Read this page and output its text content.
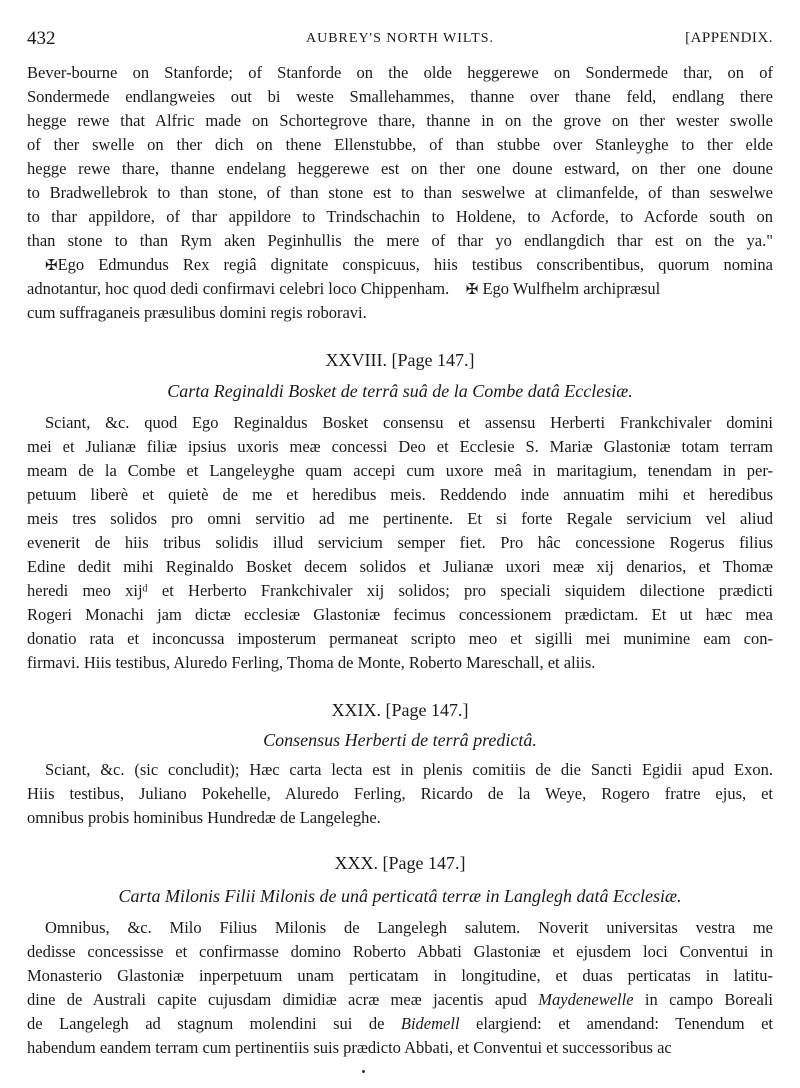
432	AUBREY'S NORTH WILTS.	[APPENDIX.
Bever-bourne on Stanforde; of Stanforde on the olde heggerewe on Sondermede thar, on of
Sondermede endlangweies out bi weste Smallehammes, thanne over thane feld, endlang there
hegge rewe that Alfric made on Schortegrove thare, thanne in on the grove on ther wester swolle
of ther swelle on ther dich on thene Ellenstubbe, of than stubbe over Stanleyghe to ther elde
hegge rewe thare, thanne endelang heggerewe est on ther one doune estward, on ther one doune
to Bradwellebrok to than stone, of than stone est to than seswelwe at climanfelde, of than seswelwe
to thar appildore, of thar appildore to Trindschachin to Holdene, to Acforde, to Acforde south on
than stone to than Rym aken Peginhullis the mere of thar yo endlangdich thar est on the ya."
✠Ego Edmundus Rex regiâ dignitate conspicuus, hiis testibus conscribentibus, quorum nomina
adnotantur, hoc quod dedi confirmavi celebri loco Chippenham. ✠ Ego Wulfhelm archipræsul
cum suffraganeis præsulibus domini regis roboravi.
XXVIII. [Page 147.]
Carta Reginaldi Bosket de terrâ suâ de la Combe datâ Ecclesiæ.
Sciant, &c. quod Ego Reginaldus Bosket consensu et assensu Herberti Frankchivaler domini
mei et Julianæ filiæ ipsius uxoris meæ concessi Deo et Ecclesie S. Mariæ Glastoniæ totam terram
meam de la Combe et Langeleyghe quam accepi cum uxore meâ in maritagium, tenendam in per-
petuum liberè et quietè de me et heredibus meis. Reddendo inde annuatim mihi et heredibus
meis tres solidos pro omni servitio ad me pertinente. Et si forte Regale servicium vel aliud
evenerit de hiis tribus solidis illud servicium semper fiet. Pro hâc concessione Rogerus filius
Edine dedit mihi Reginaldo Bosket decem solidos et Julianæ uxori meæ xij denarios, et Thomæ
heredi meo xijᵈ et Herberto Frankchivaler xij solidos; pro speciali siquidem dilectione prædicti
Rogeri Monachi jam dictæ ecclesiæ Glastoniæ fecimus concessionem prædictam. Et ut hæc mea
donatio rata et inconcussa imposterum permaneat scripto meo et sigilli mei munimine eam con-
firmavi. Hiis testibus, Aluredo Ferling, Thoma de Monte, Roberto Mareschall, et aliis.
XXIX. [Page 147.]
Consensus Herberti de terrâ predictâ.
Sciant, &c. (sic concludit); Hæc carta lecta est in plenis comitiis de die Sancti Egidii apud Exon.
Hiis testibus, Juliano Pokehelle, Aluredo Ferling, Ricardo de la Weye, Rogero fratre ejus, et
omnibus probis hominibus Hundredæ de Langeleghe.
XXX. [Page 147.]
Carta Milonis Filii Milonis de unâ perticatâ terræ in Langlegh datâ Ecclesiæ.
Omnibus, &c. Milo Filius Milonis de Langelegh salutem. Noverit universitas vestra me
dedisse concessisse et confirmasse domino Roberto Abbati Glastoniæ et ejusdem loci Conventui in
Monasterio Glastoniæ inperpetuum unam perticatam in longitudine, et duas perticatas in latitu-
dine de Australi capite cujusdam dimidiæ acræ meæ jacentis apud Maydenewelle in campo Boreali
de Langelegh ad stagnum molendini sui de Bidemell elargiend: et amendand: Tenendum et
habendum eandem terram cum pertinentiis suis prædicto Abbati, et Conventui et successoribus ac
